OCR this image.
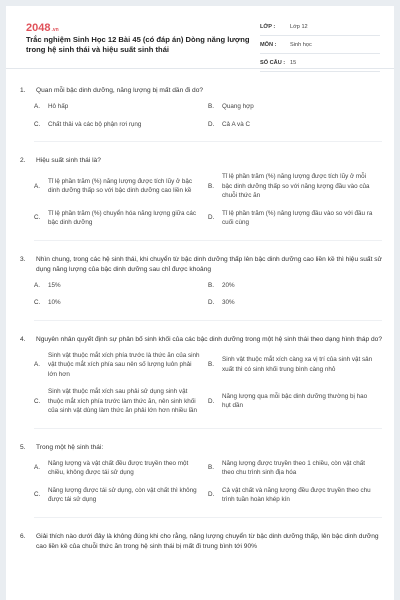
2048.vn
Trắc nghiệm Sinh Học 12 Bài 45 (có đáp án) Dòng năng lượng trong hệ sinh thái và hiệu suất sinh thái
LỚP :	Lớp 12
MÔN :	Sinh học
SỐ CÂU : 15
1.	Quan mỗi bậc dinh dưỡng, năng lượng bị mất dần đi do?
A.	Hô hấp	B.	Quang hợp
C.	Chất thải và các bộ phận rơi rụng	D.	Cả A và C
2.	Hiệu suất sinh thái là?
A.
Tỉ lệ phần trăm (%) năng lượng được tích lũy ở bậc dinh dưỡng thấp so với bậc dinh dưỡng cao liền kề
B.
Tỉ lệ phần trăm (%) năng lượng được tích lũy ở mỗi bậc dinh dưỡng thấp so với năng lượng đầu vào của chuỗi thức ăn
C.
Tỉ lệ phần trăm (%) chuyển hóa năng lượng giữa các bậc dinh dưỡng
D.
Tỉ lệ phần trăm (%) năng lượng đầu vào so với đầu ra cuối cùng
3.	Nhìn chung, trong các hệ sinh thái, khi chuyển từ bậc dinh dưỡng thấp lên bậc dinh dưỡng cao liền kề thì hiệu suất sử dụng năng lượng của bậc dinh dưỡng sau chỉ được khoảng
A.	15%	B.	20%
C.	10%	D.	30%
4.	Nguyên nhân quyết định sự phân bố sinh khối của các bậc dinh dưỡng trong một hệ sinh thái theo dạng hình tháp do?
A.
Sinh vật thuộc mắt xích phía trước là thức ăn của sinh vật thuộc mắt xích phía sau nên số lượng luôn phải lớn hơn
B.
Sinh vật thuộc mắt xích càng xa vị trí của sinh vật sản xuất thì có sinh khối trung bình càng nhỏ
C.
Sinh vật thuộc mắt xích sau phải sử dụng sinh vật thuộc mắt xích phía trước làm thức ăn, nên sinh khối của sinh vật dùng làm thức ăn phải lớn hơn nhiều lần
D.
Năng lượng qua mỗi bậc dinh dưỡng thường bị hao hụt dần
5.	Trong một hệ sinh thái:
A.
Năng lượng và vật chất đều được truyền theo một chiều, không được tái sử dụng
B.
Năng lượng được truyền theo 1 chiều, còn vật chất theo chu trình sinh địa hóa
C.
Năng lượng được tái sử dụng, còn vật chất thì không được tái sử dụng
D.
Cả vật chất và năng lượng đều được truyền theo chu trình tuần hoàn khép kín
6.	Giải thích nào dưới đây là không đúng khi cho rằng, năng lượng chuyển từ bậc dinh dưỡng thấp, lên bậc dinh dưỡng cao liền kề của chuỗi thức ăn trong hệ sinh thái bị mất đi trung bình tới 90%
